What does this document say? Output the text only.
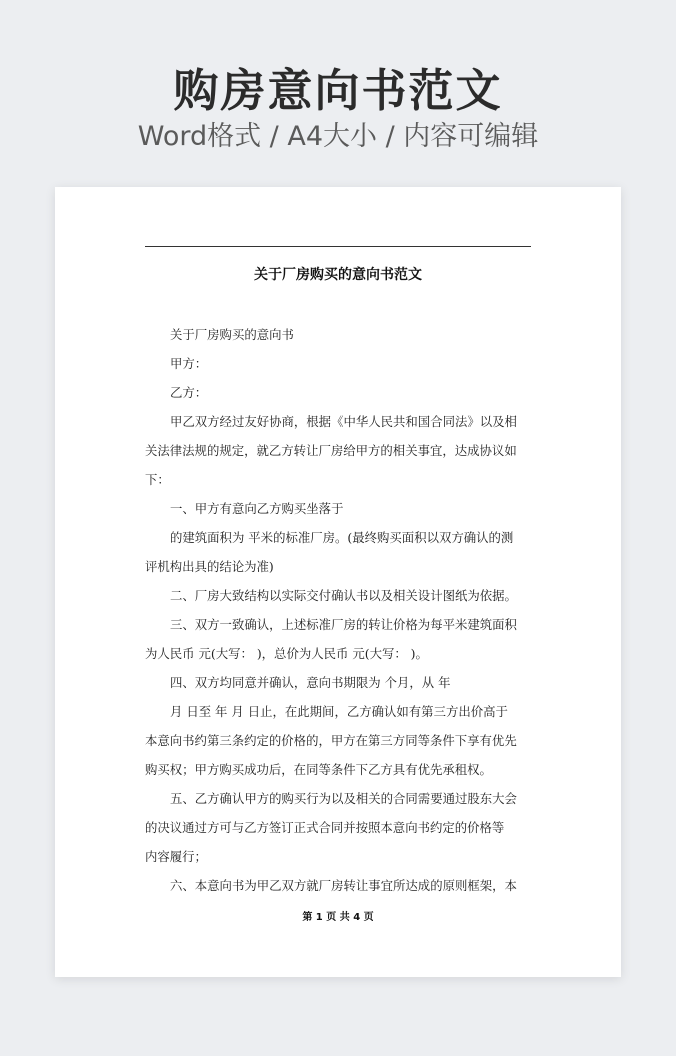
购房意向书范文
Word格式 / A4大小 / 内容可编辑
关于厂房购买的意向书范文
关于厂房购买的意向书
甲方：
乙方：
甲乙双方经过友好协商，根据《中华人民共和国合同法》以及相
关法律法规的规定，就乙方转让厂房给甲方的相关事宜，达成协议如
下：
一、甲方有意向乙方购买坐落于
的建筑面积为 平米的标准厂房。(最终购买面积以双方确认的测
评机构出具的结论为准)
二、厂房大致结构以实际交付确认书以及相关设计图纸为依据。
三、双方一致确认，上述标准厂房的转让价格为每平米建筑面积
为人民币 元(大写： )，总价为人民币 元(大写： )。
四、双方均同意并确认，意向书期限为 个月，从 年
月 日至 年 月 日止，在此期间，乙方确认如有第三方出价高于
本意向书约第三条约定的价格的，甲方在第三方同等条件下享有优先
购买权；甲方购买成功后，在同等条件下乙方具有优先承租权。
五、乙方确认甲方的购买行为以及相关的合同需要通过股东大会
的决议通过方可与乙方签订正式合同并按照本意向书约定的价格等
内容履行；
六、本意向书为甲乙双方就厂房转让事宜所达成的原则框架，本
第 1 页 共 4 页
